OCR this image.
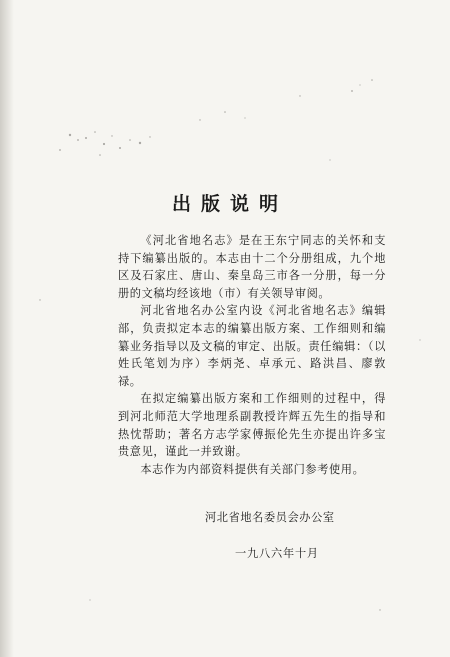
出版说明

《河北省地名志》是在王东宁同志的关怀和支持下编纂出版的。本志由十二个分册组成，九个地区及石家庄、唐山、秦皇岛三市各一分册，每一分册的文稿均经该地（市）有关领导审阅。

河北省地名办公室内设《河北省地名志》编辑部，负责拟定本志的编纂出版方案、工作细则和编纂业务指导以及文稿的审定、出版。责任编辑：（以姓氏笔划为序）李炳尧、卓承元、路洪昌、廖敦禄。

在拟定编纂出版方案和工作细则的过程中，得到河北师范大学地理系副教授许辉五先生的指导和热忱帮助；著名方志学家傅振伦先生亦提出许多宝贵意见，谨此一并致谢。

本志作为内部资料提供有关部门参考使用。

河北省地名委员会办公室
一九八六年十月
